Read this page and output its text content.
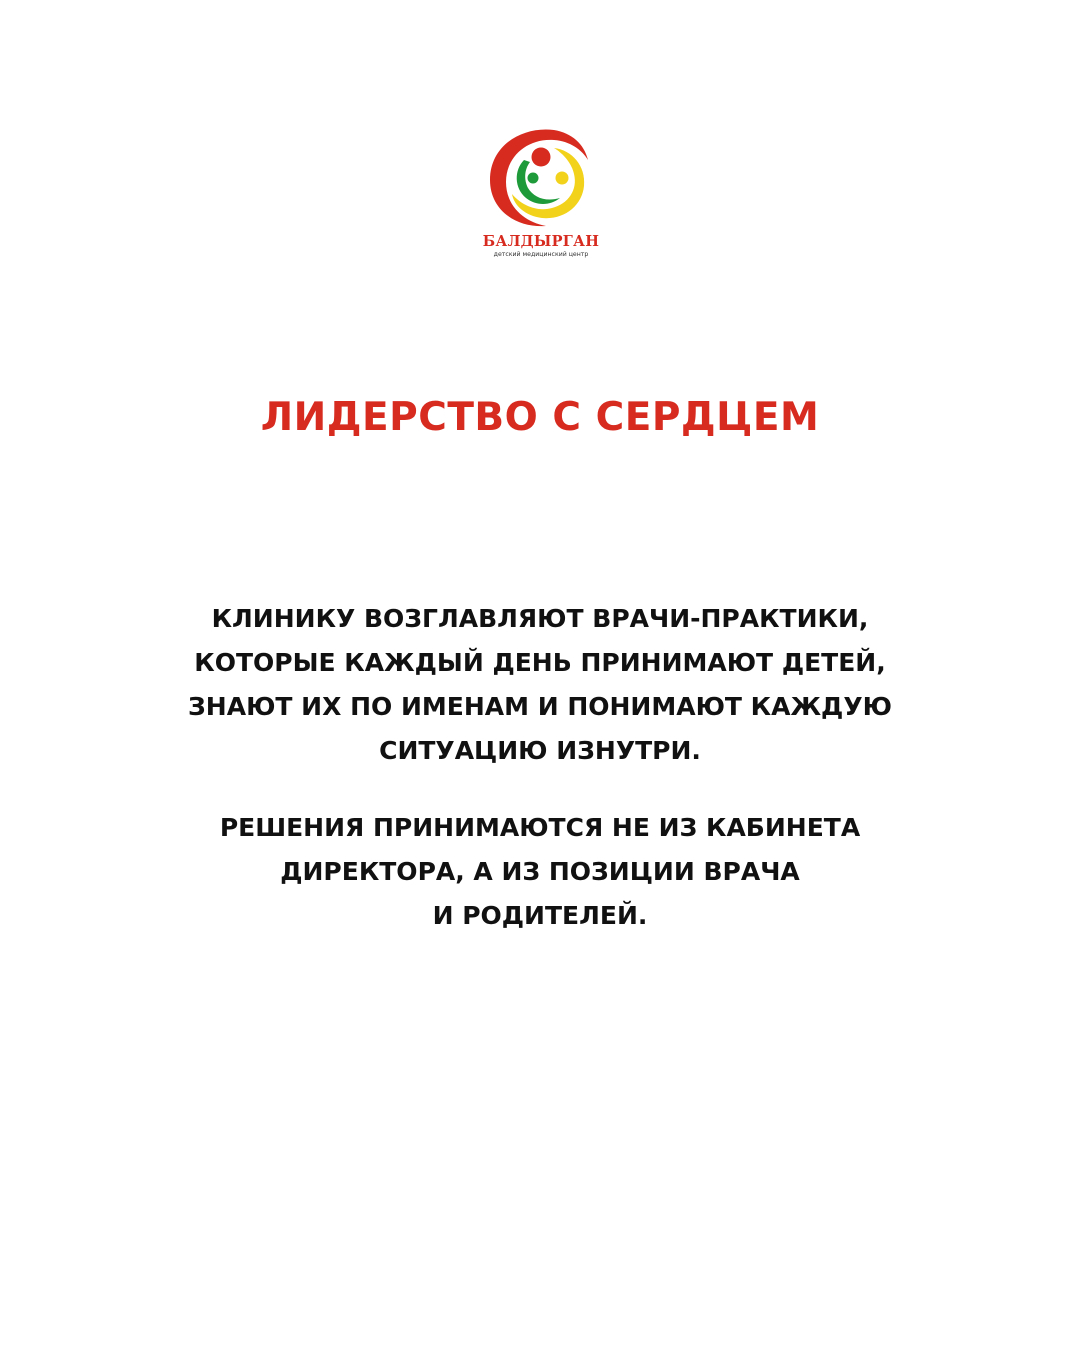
БАЛДЫРГАН
детский медицинский центр
ЛИДЕРСТВО С СЕРДЦЕМ

КЛИНИКУ ВОЗГЛАВЛЯЮТ ВРАЧИ-ПРАКТИКИ,
КОТОРЫЕ КАЖДЫЙ ДЕНЬ ПРИНИМАЮТ ДЕТЕЙ,
ЗНАЮТ ИХ ПО ИМЕНАМ И ПОНИМАЮТ КАЖДУЮ
СИТУАЦИЮ ИЗНУТРИ.

РЕШЕНИЯ ПРИНИМАЮТСЯ НЕ ИЗ КАБИНЕТА
ДИРЕКТОРА, А ИЗ ПОЗИЦИИ ВРАЧА
И РОДИТЕЛЕЙ.
